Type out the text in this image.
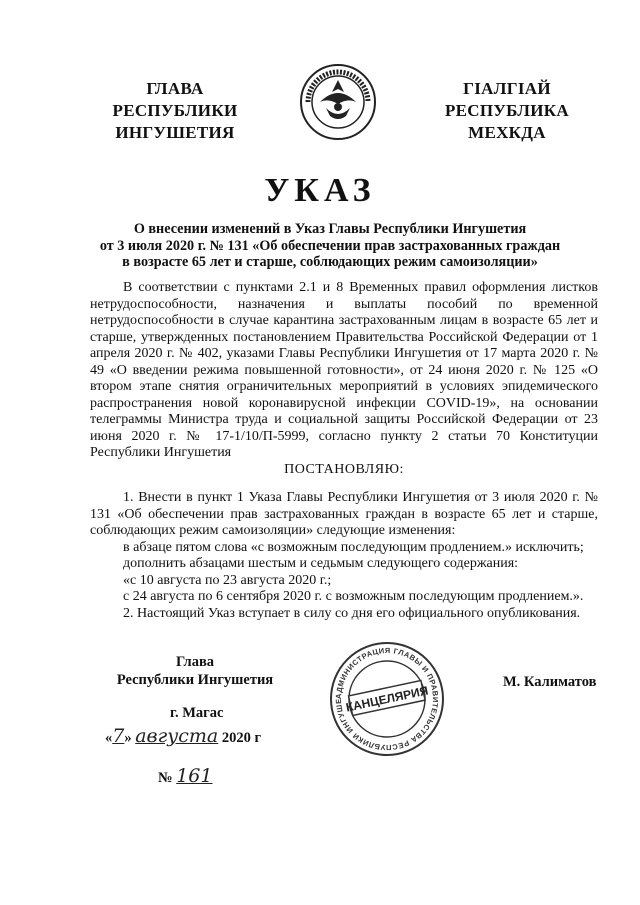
ГЛАВА
РЕСПУБЛИКИ
ИНГУШЕТИЯ
ГIАЛГIАЙ
РЕСПУБЛИКА
МЕХКДА
УКАЗ
О внесении изменений в Указ Главы Республики Ингушетия
от 3 июля 2020 г. № 131 «Об обеспечении прав застрахованных граждан
в возрасте 65 лет и старше, соблюдающих режим самоизоляции»

В соответствии с пунктами 2.1 и 8 Временных правил оформления листков нетрудоспособности, назначения и выплаты пособий по временной нетрудоспособности в случае карантина застрахованным лицам в возрасте 65 лет и старше, утвержденных постановлением Правительства Российской Федерации от 1 апреля 2020 г. № 402, указами Главы Республики Ингушетия от 17 марта 2020 г. № 49 «О введении режима повышенной готовности», от 24 июня 2020 г. № 125 «О втором этапе снятия ограничительных мероприятий в условиях эпидемического распространения новой коронавирусной инфекции COVID-19», на основании телеграммы Министра труда и социальной защиты Российской Федерации от 23 июня 2020 г. № 17-1/10/П-5999, согласно пункту 2 статьи 70 Конституции Республики Ингушетия

ПОСТАНОВЛЯЮ:

1. Внести в пункт 1 Указа Главы Республики Ингушетия от 3 июля 2020 г. № 131 «Об обеспечении прав застрахованных граждан в возрасте 65 лет и старше, соблюдающих режим самоизоляции» следующие изменения:

в абзаце пятом слова «с возможным последующим продлением.» исключить;

дополнить абзацами шестым и седьмым следующего содержания:

«с 10 августа по 23 августа 2020 г.;

с 24 августа по 6 сентября 2020 г. с возможным последующим продлением.».

2. Настоящий Указ вступает в силу со дня его официального опубликования.

Глава
Республики Ингушетия
АДМИНИСТРАЦИЯ ГЛАВЫ И ПРАВИТЕЛЬСТВА РЕСПУБЛИКИ ИНГУШЕ КАНЦЕЛЯРИЯ
М. Калиматов
г. Магас
«7» августа 2020 г
№ 161
